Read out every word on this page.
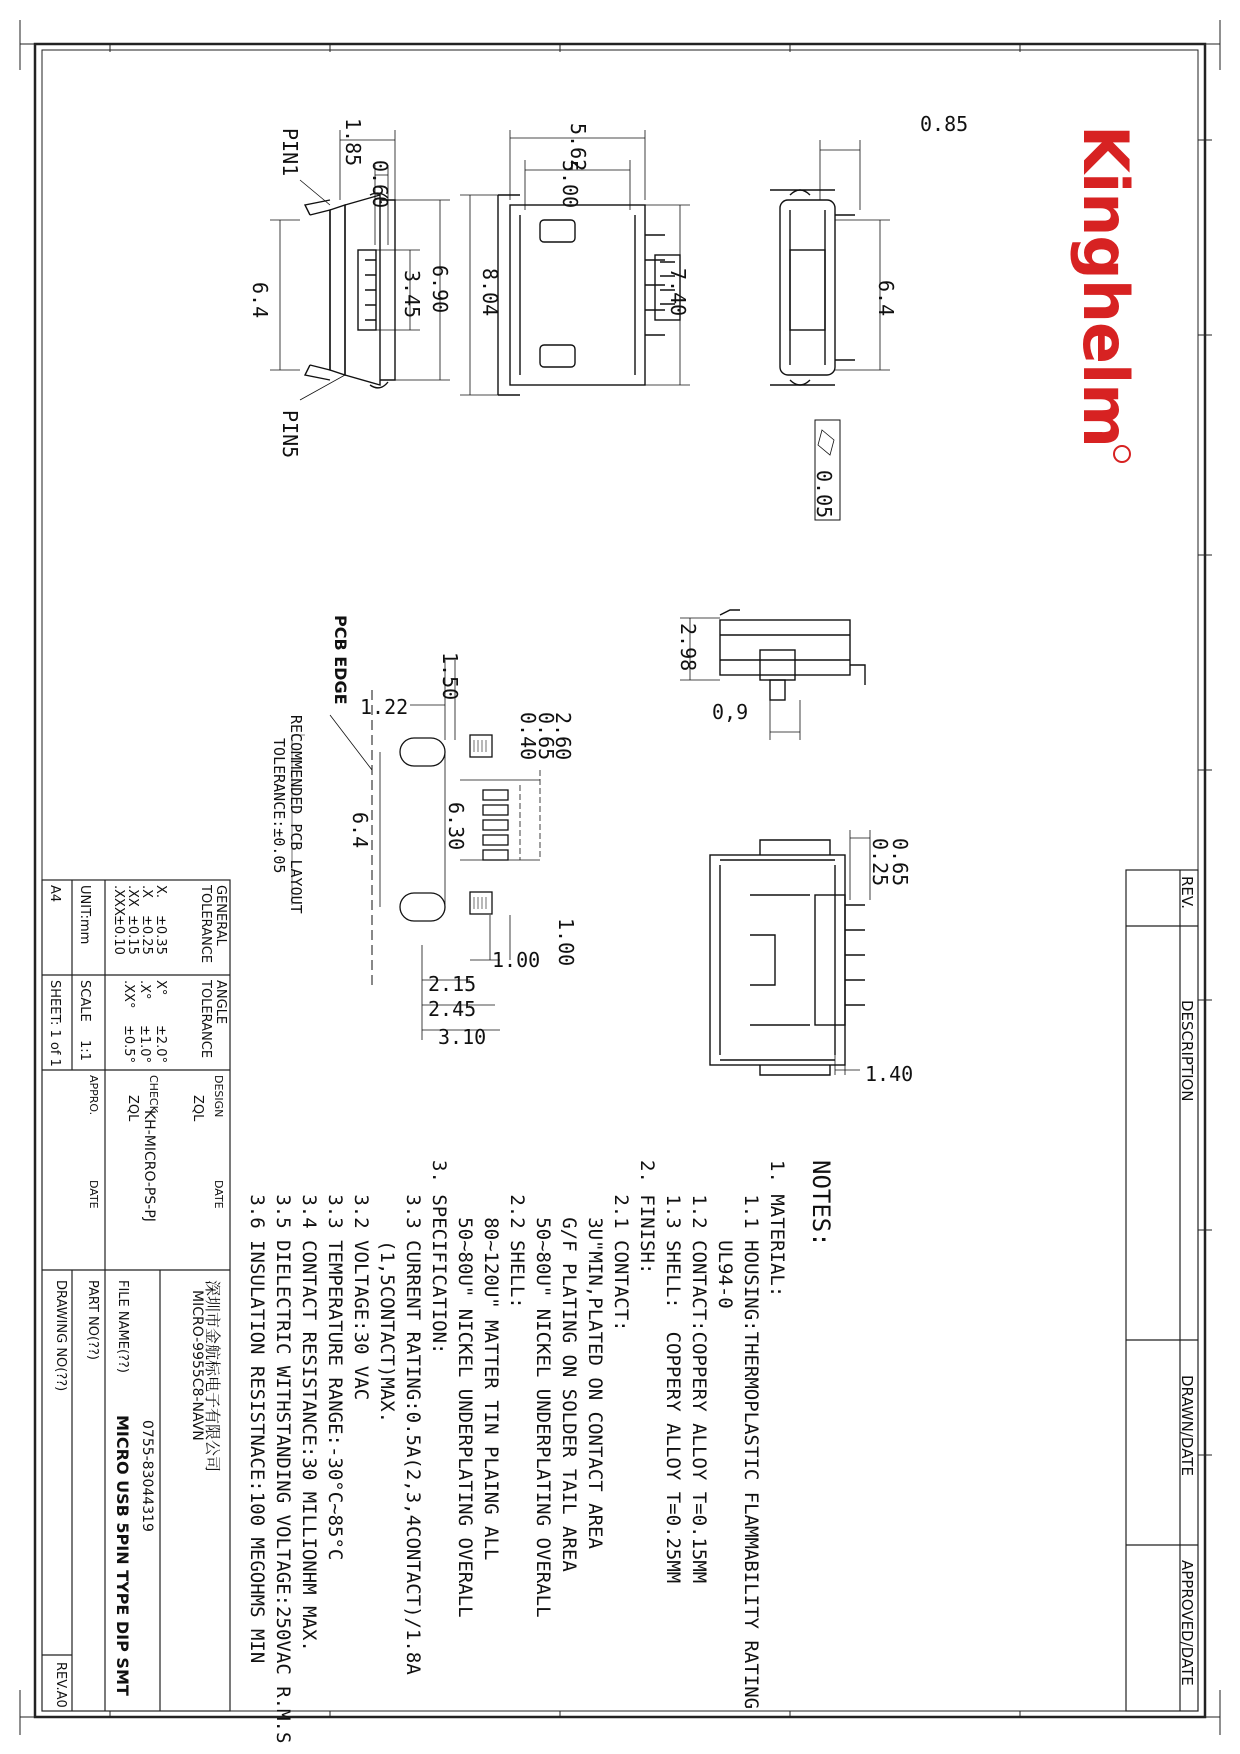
Kinghelm
REV.
DESCRIPTION
DRAWN/DATE
APPROVED/DATE
1.85
0.60
6.4	6.90
3.45
PIN1
PIN5
5.62
5.00
8.04	7.40
0.85
6.4
0.05
2.98
0,9
PCB EDGE
RECOMMENDED PCB LAYOUT
TOLERANCE:±0.05
1.50
1.22
2.60
0.65
0.40
6.4	6.30
1.00
1.00
2.15
2.45
3.10
0.65
0.25
1.40
NOTES:
1. MATERIAL:
1.1 HOUSING:THERMOPLASTIC FLAMMABILITY RATING
UL94-0
1.2 CONTACT:COPPERY ALLOY T=0.15MM
1.3 SHELL:  COPPERY ALLOY T=0.25MM
2. FINISH:
2.1 CONTACT:
3U"MIN,PLATED ON CONTACT AREA
G/F PLATING ON SOLDER TAIL AREA
50~80U" NICKEL UNDERPLATING OVERALL
2.2 SHELL:
80~120U" MATTER TIN PLAING ALL
50~80U" NICKEL UNDERPLATING OVERALL
3. SPECIFICATION:
3.3 CURRENT RATING:0.5A(2,3,4CONTACT)/1.8A
(1,5CONTACT)MAX.
3.2 VOLTAGE:30 VAC
3.3 TEMPERATURE RANGE:-30°C~85°C
3.4 CONTACT RESISTANCE:30 MILLIONHM MAX.
3.5 DIELECTRIC WITHSTANDING VOLTAGE:250VAC R.M.S
3.6 INSULATION RESISTNACE:100 MEGOHMS MIN
GENERAL TOLERANCE
X.
±0.35
.X
±0.25
.XX
±0.15
.XXX
±0.10
ANGLE TOLERANCE
X°
±2.0°
.X°
±1.0°
.XX°
±0.5°
UNIT:mm
SCALE
1:1
A4
SHEET: 1 of 1
DESIGN
ZQL
CHECK
ZQL
APPRO.
DATE
DATE
深圳市金航标电子有限公司
MICRO-9955C8-NAVN
FILE NAME(??)
KH-MICRO-PS-PJ
PART NO(??)
0755-83044319
DRAWING NO(??)
MICRO USB 5PIN TYPE DIP SMT
REV.A0
